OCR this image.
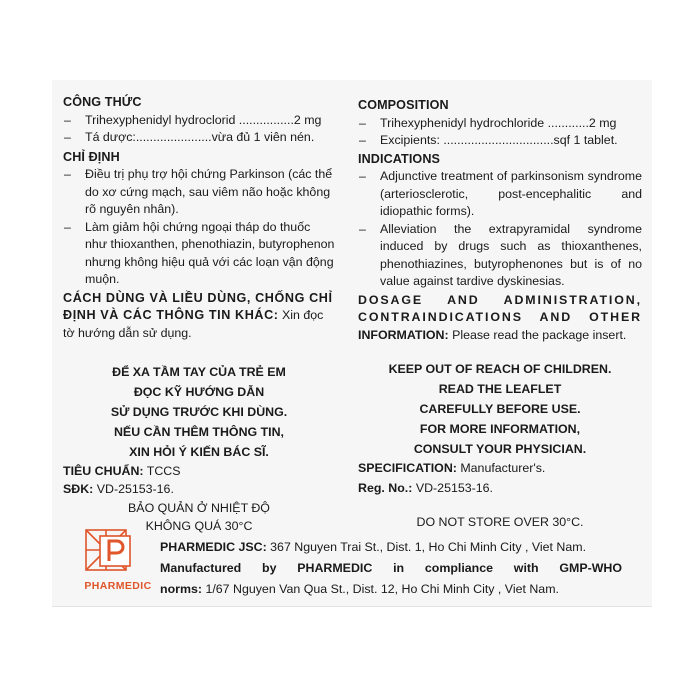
CÔNG THỨC
– Trihexyphenidyl hydroclorid ................2 mg
– Tá dược:......................vừa đủ 1 viên nén.
CHỈ ĐỊNH
– Điều trị phụ trợ hội chứng Parkinson (các thể do xơ cứng mạch, sau viêm não hoặc không rõ nguyên nhân).
– Làm giảm hội chứng ngoại tháp do thuốc như thioxanthen, phenothiazin, butyrophenon nhưng không hiệu quả với các loạn vận động muộn.
CÁCH DÙNG VÀ LIỀU DÙNG, CHỐNG CHỈ ĐỊNH VÀ CÁC THÔNG TIN KHÁC: Xin đọc tờ hướng dẫn sử dụng.
ĐỂ XA TẦM TAY CỦA TRẺ EM
ĐỌC KỸ HƯỚNG DẪN
SỬ DỤNG TRƯỚC KHI DÙNG.
NẾU CẦN THÊM THÔNG TIN,
XIN HỎI Ý KIẾN BÁC SĨ.
TIÊU CHUẨN: TCCS
SĐK: VD-25153-16.
BẢO QUẢN Ở NHIỆT ĐỘ
KHÔNG QUÁ 30°C
COMPOSITION
– Trihexyphenidyl hydrochloride ............2 mg
– Excipients: ................................sqf 1 tablet.
INDICATIONS
– Adjunctive treatment of parkinsonism syndrome (arteriosclerotic, post-encephalitic and idiopathic forms).
– Alleviation the extrapyramidal syndrome induced by drugs such as thioxanthenes, phenothiazines, butyrophenones but is of no value against tardive dyskinesias.
DOSAGE AND ADMINISTRATION,
CONTRAINDICATIONS AND OTHER
INFORMATION: Please read the package insert.
KEEP OUT OF REACH OF CHILDREN.
READ THE LEAFLET
CAREFULLY BEFORE USE.
FOR MORE INFORMATION,
CONSULT YOUR PHYSICIAN.
SPECIFICATION: Manufacturer's.
Reg. No.: VD-25153-16.
DO NOT STORE OVER 30°C.
PHARMEDIC
PHARMEDIC JSC: 367 Nguyen Trai St., Dist. 1, Ho Chi Minh City , Viet Nam.
Manufactured by PHARMEDIC in compliance with GMP-WHO
norms: 1/67 Nguyen Van Qua St., Dist. 12, Ho Chi Minh City , Viet Nam.
